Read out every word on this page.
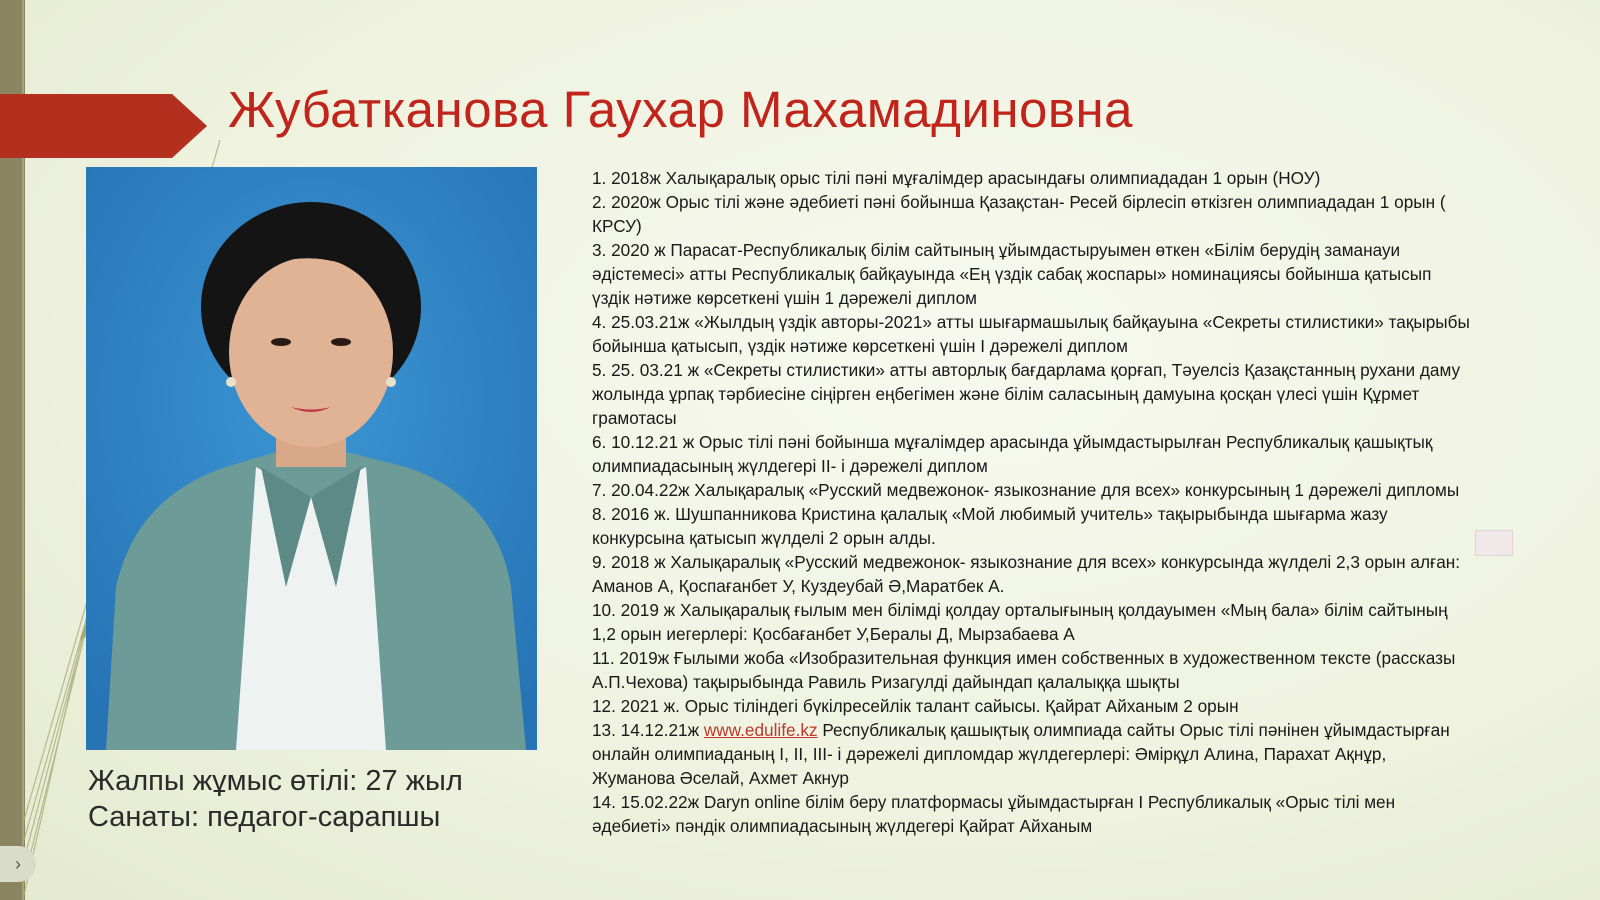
Жубатканова Гаухар Махамадиновна
Жалпы жұмыс өтілі: 27 жыл
Санаты: педагог-сарапшы

1. 2018ж Халықаралық орыс тілі пәні мұғалімдер арасындағы олимпиададан 1 орын (НОУ)

2. 2020ж Орыс тілі және әдебиеті пәні бойынша Қазақстан- Ресей бірлесіп өткізген олимпиададан 1 орын ( КРСУ)

3. 2020 ж Парасат-Республикалық білім сайтының ұйымдастыруымен өткен «Білім берудің заманауи әдістемесі» атты Республикалық байқауында «Ең үздік сабақ жоспары» номинациясы бойынша қатысып үздік нәтиже көрсеткені үшін 1 дәрежелі диплом

4. 25.03.21ж «Жылдың үздік авторы-2021» атты шығармашылық байқауына «Секреты стилистики» тақырыбы бойынша қатысып, үздік нәтиже көрсеткені үшін I дәрежелі диплом

5. 25. 03.21 ж «Секреты стилистики» атты авторлық бағдарлама қорғап, Тәуелсіз Қазақстанның рухани даму жолында ұрпақ тәрбиесіне сіңірген еңбегімен және білім саласының дамуына қосқан үлесі үшін Құрмет грамотасы

6. 10.12.21 ж Орыс тілі пәні бойынша мұғалімдер арасында ұйымдастырылған Республикалық қашықтық олимпиадасының жүлдегері II- і дәрежелі диплом

7. 20.04.22ж Халықаралық «Русский медвежонок- языкознание для всех» конкурсының 1 дәрежелі дипломы

8. 2016 ж. Шушпанникова Кристина қалалық «Мой любимый учитель» тақырыбында шығарма жазу конкурсына қатысып жүлделі 2 орын алды.

9. 2018 ж Халықаралық «Русский медвежонок- языкознание для всех» конкурсында жүлделі 2,3 орын алған: Аманов А, Қоспағанбет У, Куздеубай Ә,Маратбек А.

10. 2019 ж Халықаралық ғылым мен білімді қолдау орталығының қолдауымен «Мың бала» білім сайтының 1,2 орын иегерлері: Қосбағанбет У,Бералы Д, Мырзабаева А

11. 2019ж Ғылыми жоба «Изобразительная функция имен собственных в художественном тексте (рассказы А.П.Чехова) тақырыбында Равиль Ризагулді дайындап қалалыққа шықты

12. 2021 ж. Орыс тіліндегі бүкілресейлік талант сайысы. Қайрат Айханым 2 орын

13. 14.12.21ж www.edulife.kz Республикалық қашықтық олимпиада сайты Орыс тілі пәнінен ұйымдастырған онлайн олимпиаданың I, II, III- і дәрежелі дипломдар жүлдегерлері: Әмірқұл Алина, Парахат Ақнұр, Жуманова Әселай, Ахмет Акнур

14. 15.02.22ж Daryn online білім беру платформасы ұйымдастырған I Республикалық «Орыс тілі мен әдебиеті» пәндік олимпиадасының жүлдегері Қайрат Айханым

›
